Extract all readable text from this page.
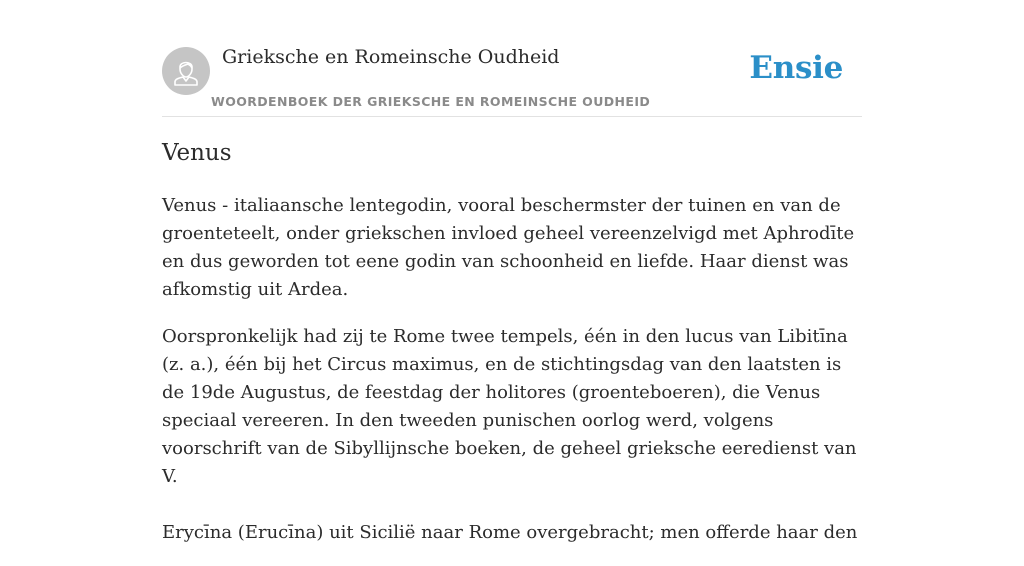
Grieksche en Romeinsche Oudheid
WOORDENBOEK DER GRIEKSCHE EN ROMEINSCHE OUDHEID
Ensie
Venus

Venus - italiaansche lentegodin, vooral beschermster der tuinen en van de groenteteelt, onder griekschen invloed geheel vereenzelvigd met Aphrodīte en dus geworden tot eene godin van schoonheid en liefde. Haar dienst was afkomstig uit Ardea.

Oorspronkelijk had zij te Rome twee tempels, één in den lucus van Libitīna (z. a.), één bij het Circus maximus, en de stichtingsdag van den laatsten is de 19de Augustus, de feestdag der holitores (groenteboeren), die Venus speciaal vereeren. In den tweeden punischen oorlog werd, volgens voorschrift van de Sibyllijnsche boeken, de geheel grieksche eeredienst van V.

Erycīna (Erucīna) uit Sicilië naar Rome overgebracht; men offerde haar den
